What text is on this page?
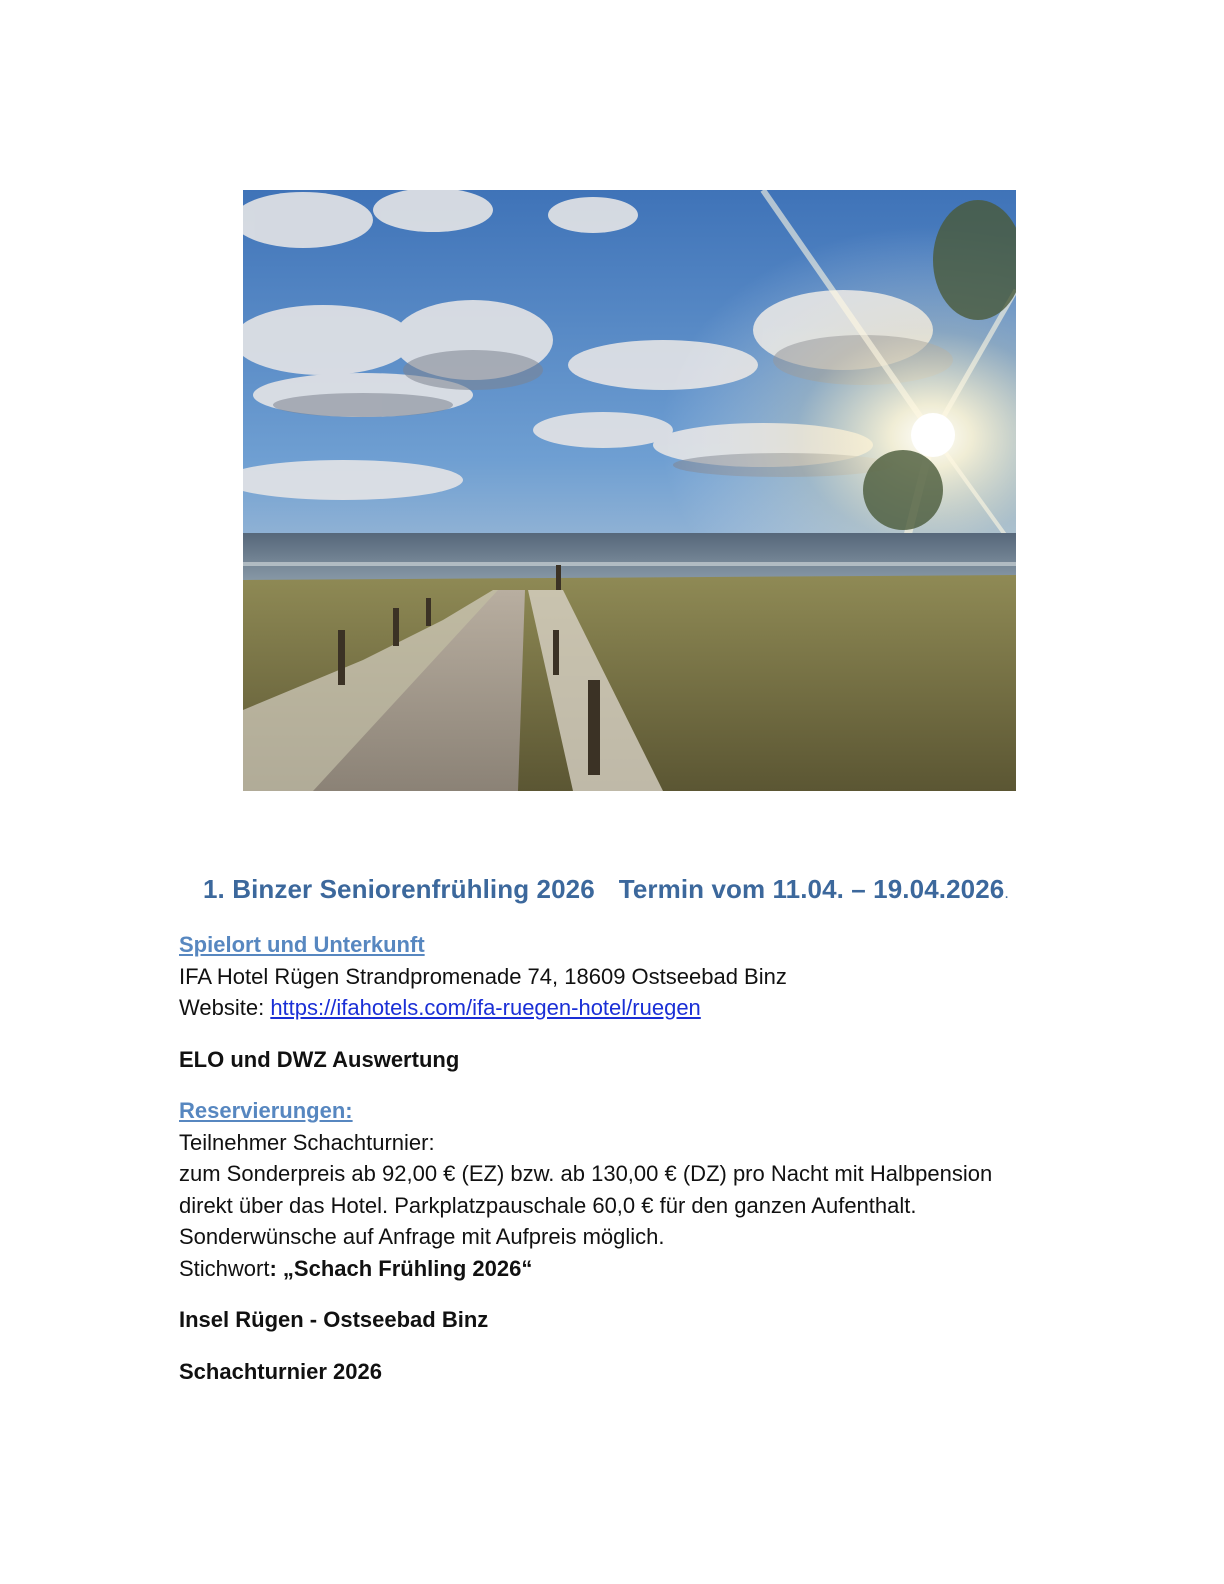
1. Binzer Seniorenfrühling 2026 Termin vom 11.04. – 19.04.2026.

Spielort und Unterkunft

IFA Hotel Rügen Strandpromenade 74, 18609 Ostseebad Binz

Website: https://ifahotels.com/ifa-ruegen-hotel/ruegen

ELO und DWZ Auswertung

Reservierungen:

Teilnehmer Schachturnier:

zum Sonderpreis ab 92,00 € (EZ) bzw. ab 130,00 € (DZ) pro Nacht mit Halbpension

direkt über das Hotel. Parkplatzpauschale 60,0 € für den ganzen Aufenthalt.

Sonderwünsche auf Anfrage mit Aufpreis möglich.

Stichwort: „Schach Frühling 2026“

Insel Rügen - Ostseebad Binz

Schachturnier 2026
